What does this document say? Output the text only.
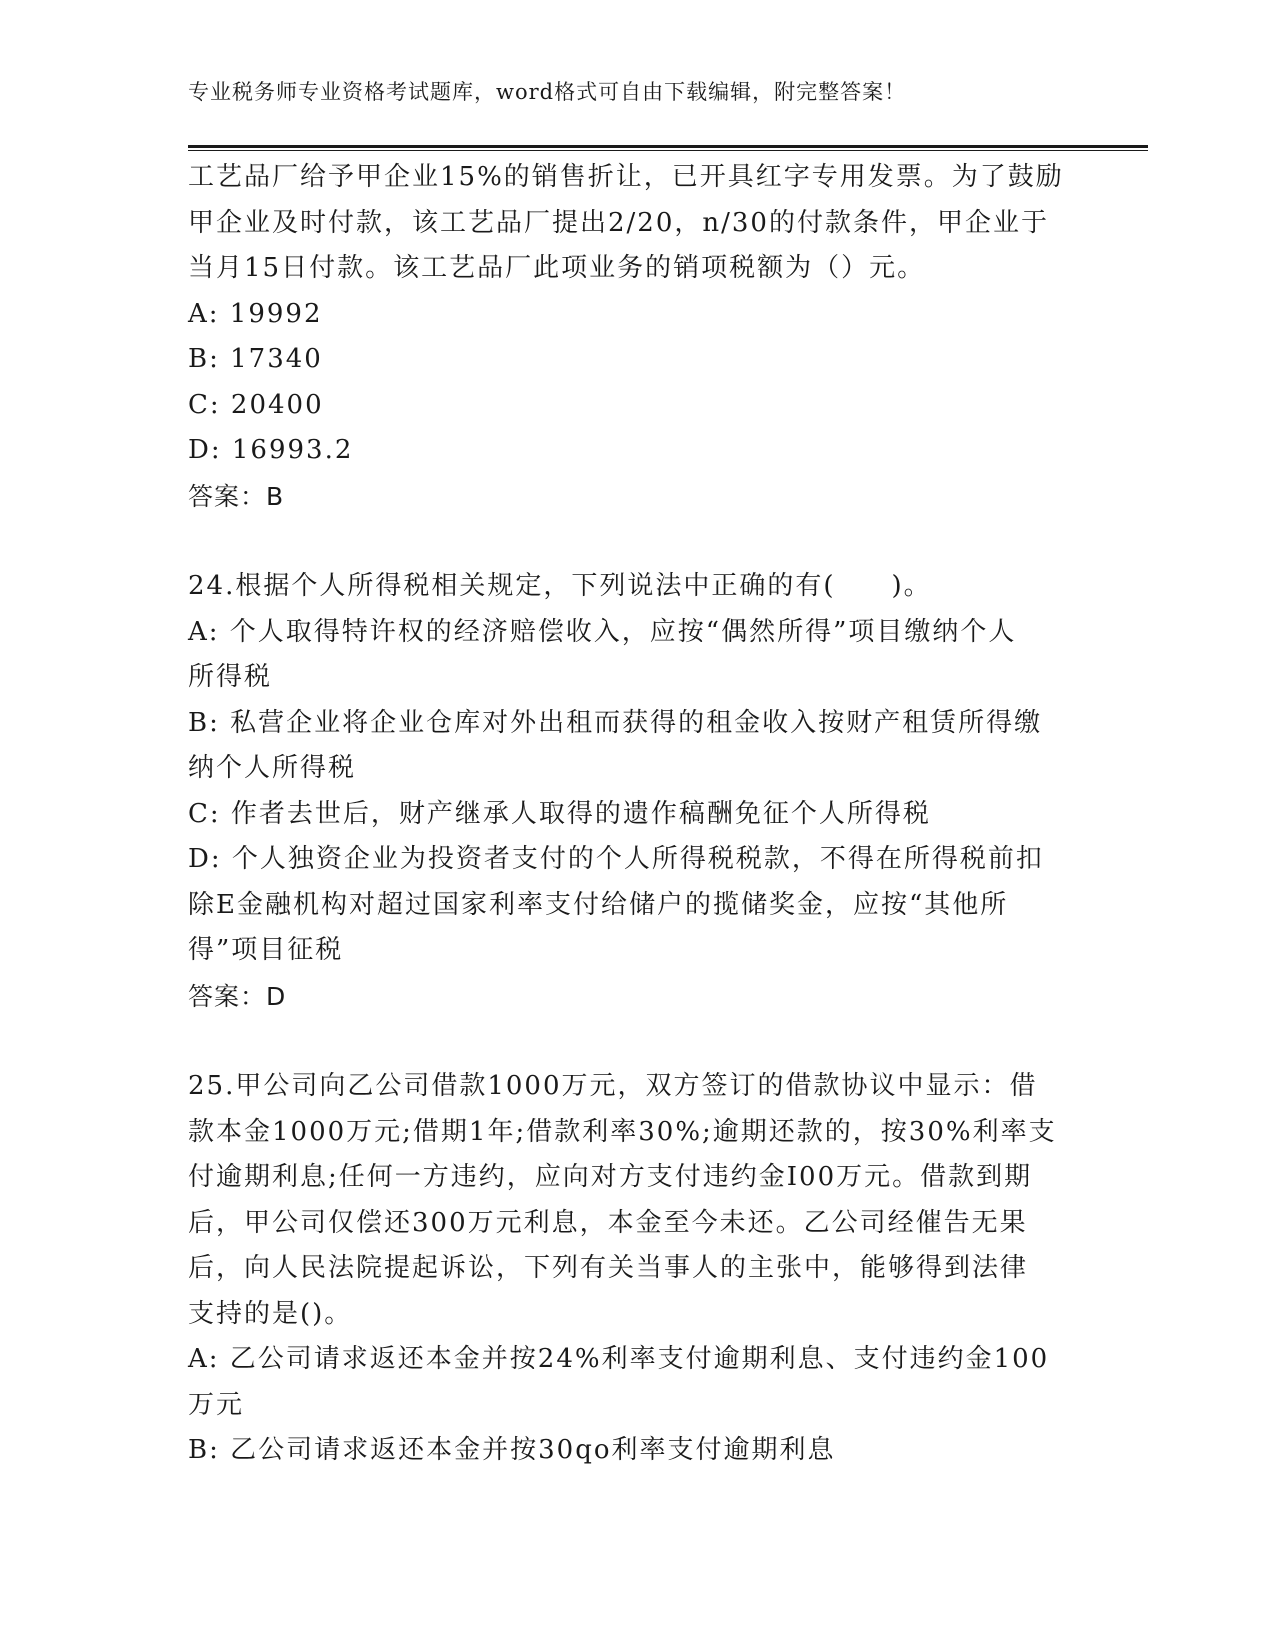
专业税务师专业资格考试题库，word格式可自由下载编辑，附完整答案！
工艺品厂给予甲企业15%的销售折让，已开具红字专用发票。为了鼓励
甲企业及时付款，该工艺品厂提出2/20，n/30的付款条件，甲企业于
当月15日付款。该工艺品厂此项业务的销项税额为（）元。
A: 19992
B: 17340
C: 20400
D: 16993.2
答案：B
24.根据个人所得税相关规定，下列说法中正确的有(　　)。
A: 个人取得特许权的经济赔偿收入，应按“偶然所得”项目缴纳个人
所得税
B: 私营企业将企业仓库对外出租而获得的租金收入按财产租赁所得缴
纳个人所得税
C: 作者去世后，财产继承人取得的遗作稿酬免征个人所得税
D: 个人独资企业为投资者支付的个人所得税税款，不得在所得税前扣
除E金融机构对超过国家利率支付给储户的揽储奖金，应按“其他所
得”项目征税
答案：D
25.甲公司向乙公司借款1000万元，双方签订的借款协议中显示：借
款本金1000万元;借期1年;借款利率30%;逾期还款的，按30%利率支
付逾期利息;任何一方违约，应向对方支付违约金I00万元。借款到期
后，甲公司仅偿还300万元利息，本金至今未还。乙公司经催告无果
后，向人民法院提起诉讼，下列有关当事人的主张中，能够得到法律
支持的是()。
A: 乙公司请求返还本金并按24%利率支付逾期利息、支付违约金100
万元
B: 乙公司请求返还本金并按30qo利率支付逾期利息
